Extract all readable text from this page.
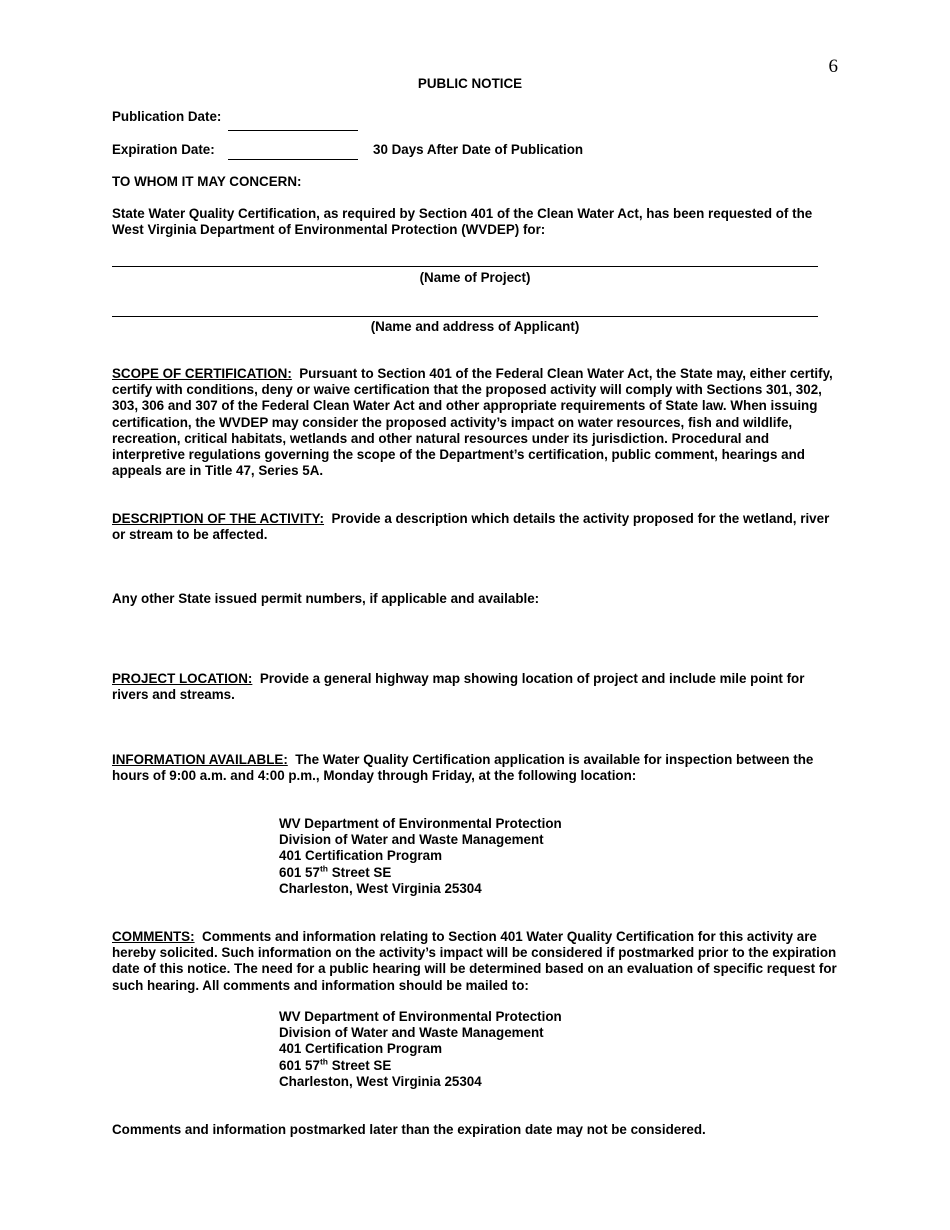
6
PUBLIC NOTICE
Publication Date:
Expiration Date:	30 Days After Date of Publication
TO WHOM IT MAY CONCERN:
State Water Quality Certification, as required by Section 401 of the Clean Water Act, has been requested of the West Virginia Department of Environmental Protection (WVDEP) for:
(Name of Project)
(Name and address of Applicant)
SCOPE OF CERTIFICATION: Pursuant to Section 401 of the Federal Clean Water Act, the State may, either certify, certify with conditions, deny or waive certification that the proposed activity will comply with Sections 301, 302, 303, 306 and 307 of the Federal Clean Water Act and other appropriate requirements of State law. When issuing certification, the WVDEP may consider the proposed activity’s impact on water resources, fish and wildlife, recreation, critical habitats, wetlands and other natural resources under its jurisdiction. Procedural and interpretive regulations governing the scope of the Department’s certification, public comment, hearings and appeals are in Title 47, Series 5A.
DESCRIPTION OF THE ACTIVITY: Provide a description which details the activity proposed for the wetland, river or stream to be affected.
Any other State issued permit numbers, if applicable and available:
PROJECT LOCATION: Provide a general highway map showing location of project and include mile point for rivers and streams.
INFORMATION AVAILABLE: The Water Quality Certification application is available for inspection between the hours of 9:00 a.m. and 4:00 p.m., Monday through Friday, at the following location:
WV Department of Environmental Protection
Division of Water and Waste Management
401 Certification Program
601 57th Street SE
Charleston, West Virginia 25304
COMMENTS: Comments and information relating to Section 401 Water Quality Certification for this activity are hereby solicited. Such information on the activity’s impact will be considered if postmarked prior to the expiration date of this notice. The need for a public hearing will be determined based on an evaluation of specific request for such hearing. All comments and information should be mailed to:
WV Department of Environmental Protection
Division of Water and Waste Management
401 Certification Program
601 57th Street SE
Charleston, West Virginia 25304
Comments and information postmarked later than the expiration date may not be considered.
